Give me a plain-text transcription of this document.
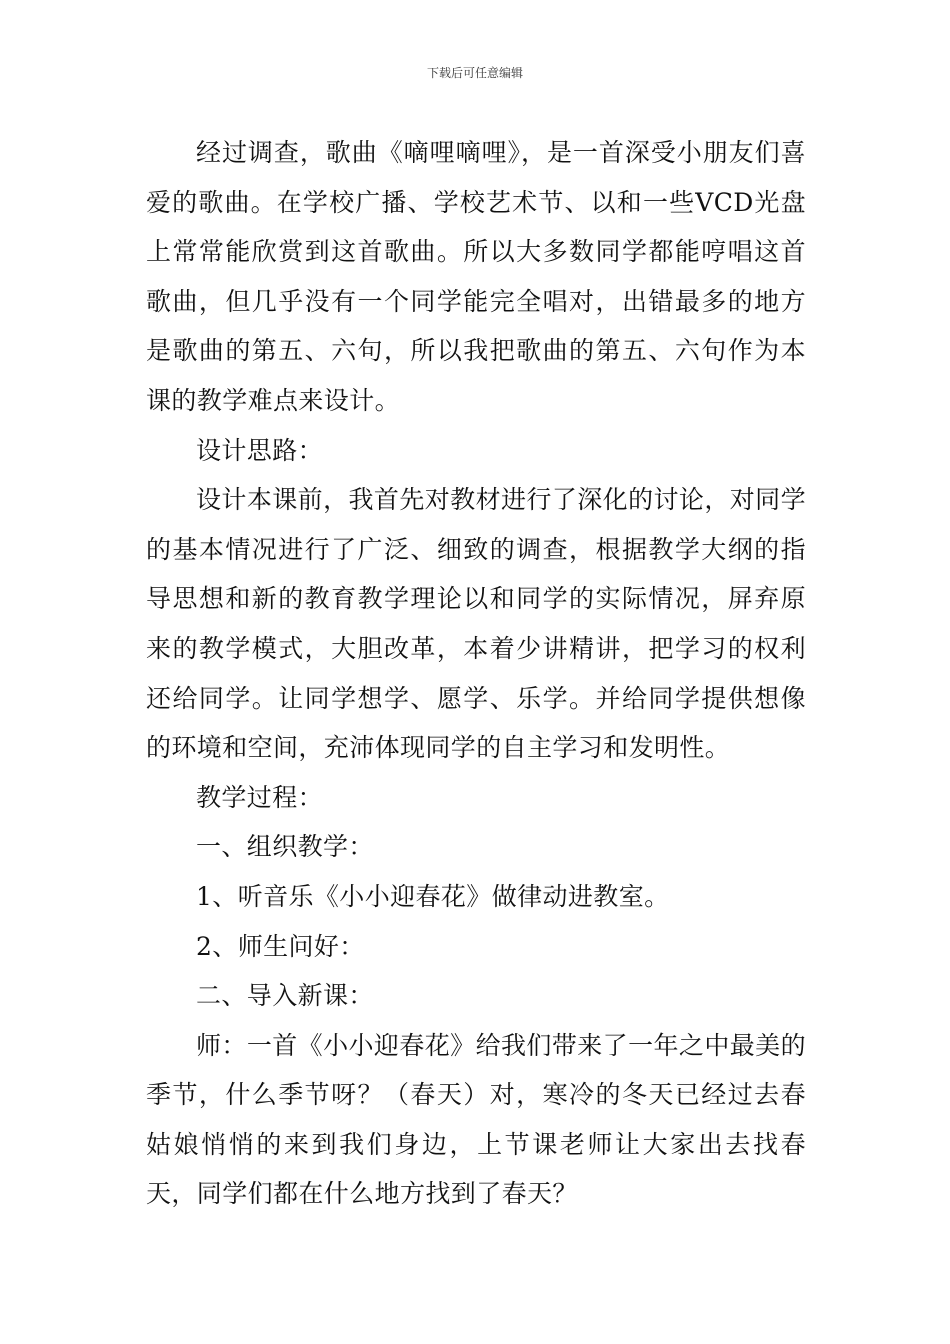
下载后可任意编辑

经过调查，歌曲《嘀哩嘀哩》，是一首深受小朋友们喜爱的歌曲。在学校广播、学校艺术节、以和一些VCD光盘上常常能欣赏到这首歌曲。所以大多数同学都能哼唱这首歌曲，但几乎没有一个同学能完全唱对，出错最多的地方是歌曲的第五、六句，所以我把歌曲的第五、六句作为本课的教学难点来设计。

设计思路：

设计本课前，我首先对教材进行了深化的讨论，对同学的基本情况进行了广泛、细致的调查，根据教学大纲的指导思想和新的教育教学理论以和同学的实际情况，屏弃原来的教学模式，大胆改革，本着少讲精讲，把学习的权利还给同学。让同学想学、愿学、乐学。并给同学提供想像的环境和空间，充沛体现同学的自主学习和发明性。

教学过程：

一、组织教学：

1、听音乐《小小迎春花》做律动进教室。

2、师生问好：

二、导入新课：

师：一首《小小迎春花》给我们带来了一年之中最美的季节，什么季节呀？（春天）对，寒冷的冬天已经过去春姑娘悄悄的来到我们身边，上节课老师让大家出去找春天，同学们都在什么地方找到了春天？
